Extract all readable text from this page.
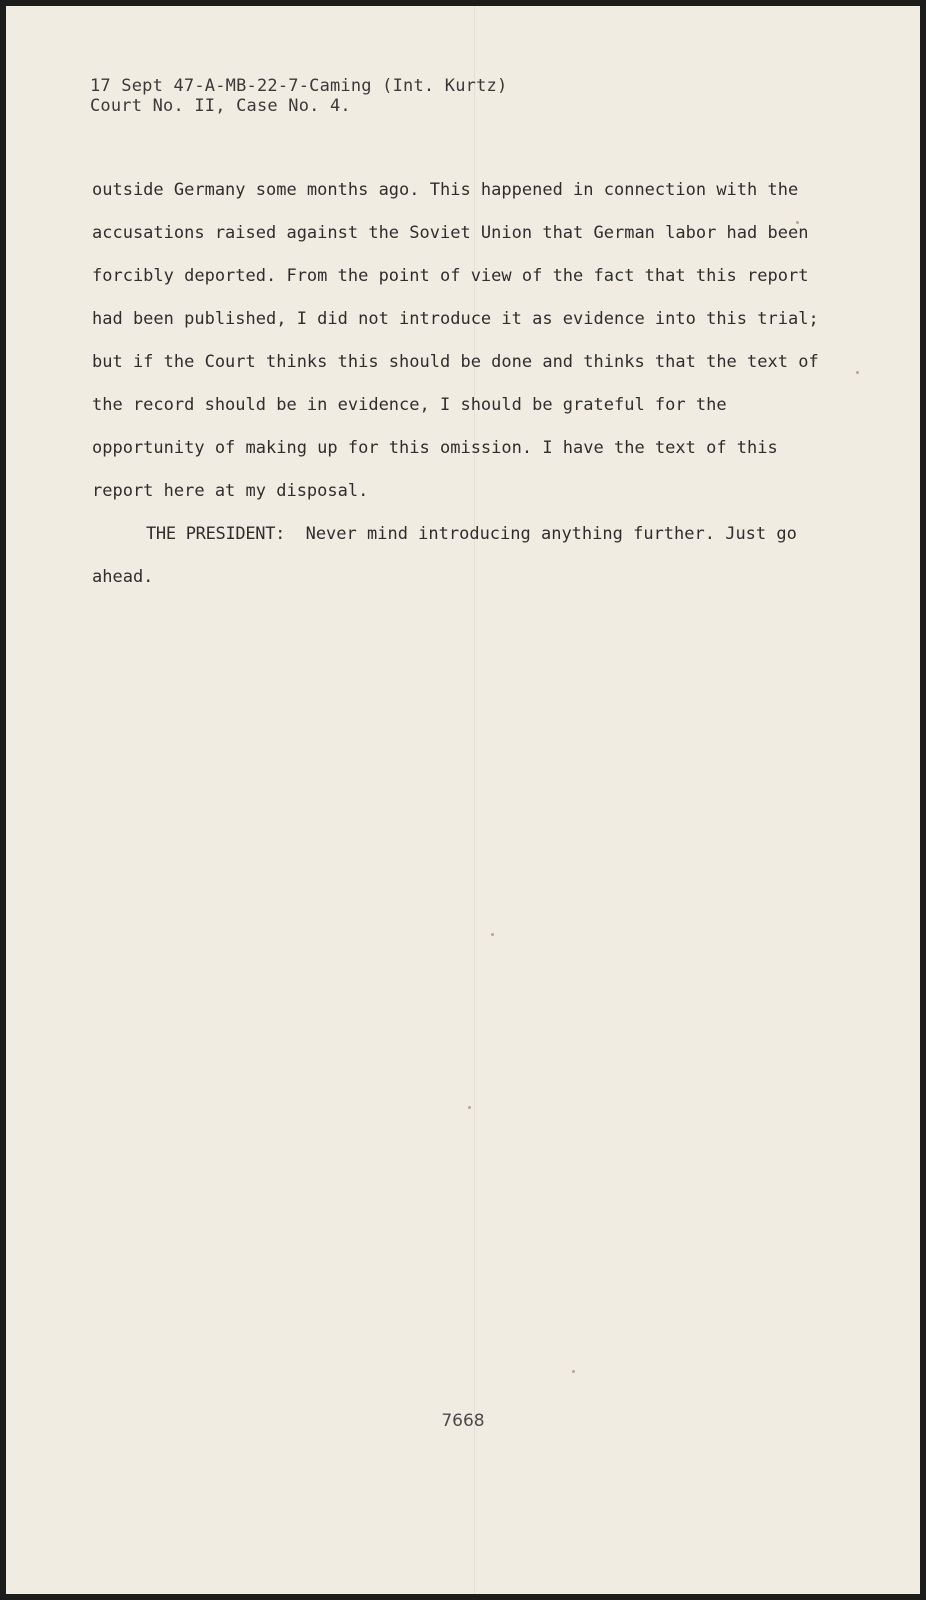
17 Sept 47-A-MB-22-7-Caming (Int. Kurtz)
Court No. II, Case No. 4.

outside Germany some months ago. This happened in connection with the accusations raised against the Soviet Union that German labor had been forcibly deported. From the point of view of the fact that this report had been published, I did not introduce it as evidence into this trial; but if the Court thinks this should be done and thinks that the text of the record should be in evidence, I should be grateful for the opportunity of making up for this omission. I have the text of this report here at my disposal.

THE PRESIDENT: Never mind introducing anything further. Just go ahead.

7668
